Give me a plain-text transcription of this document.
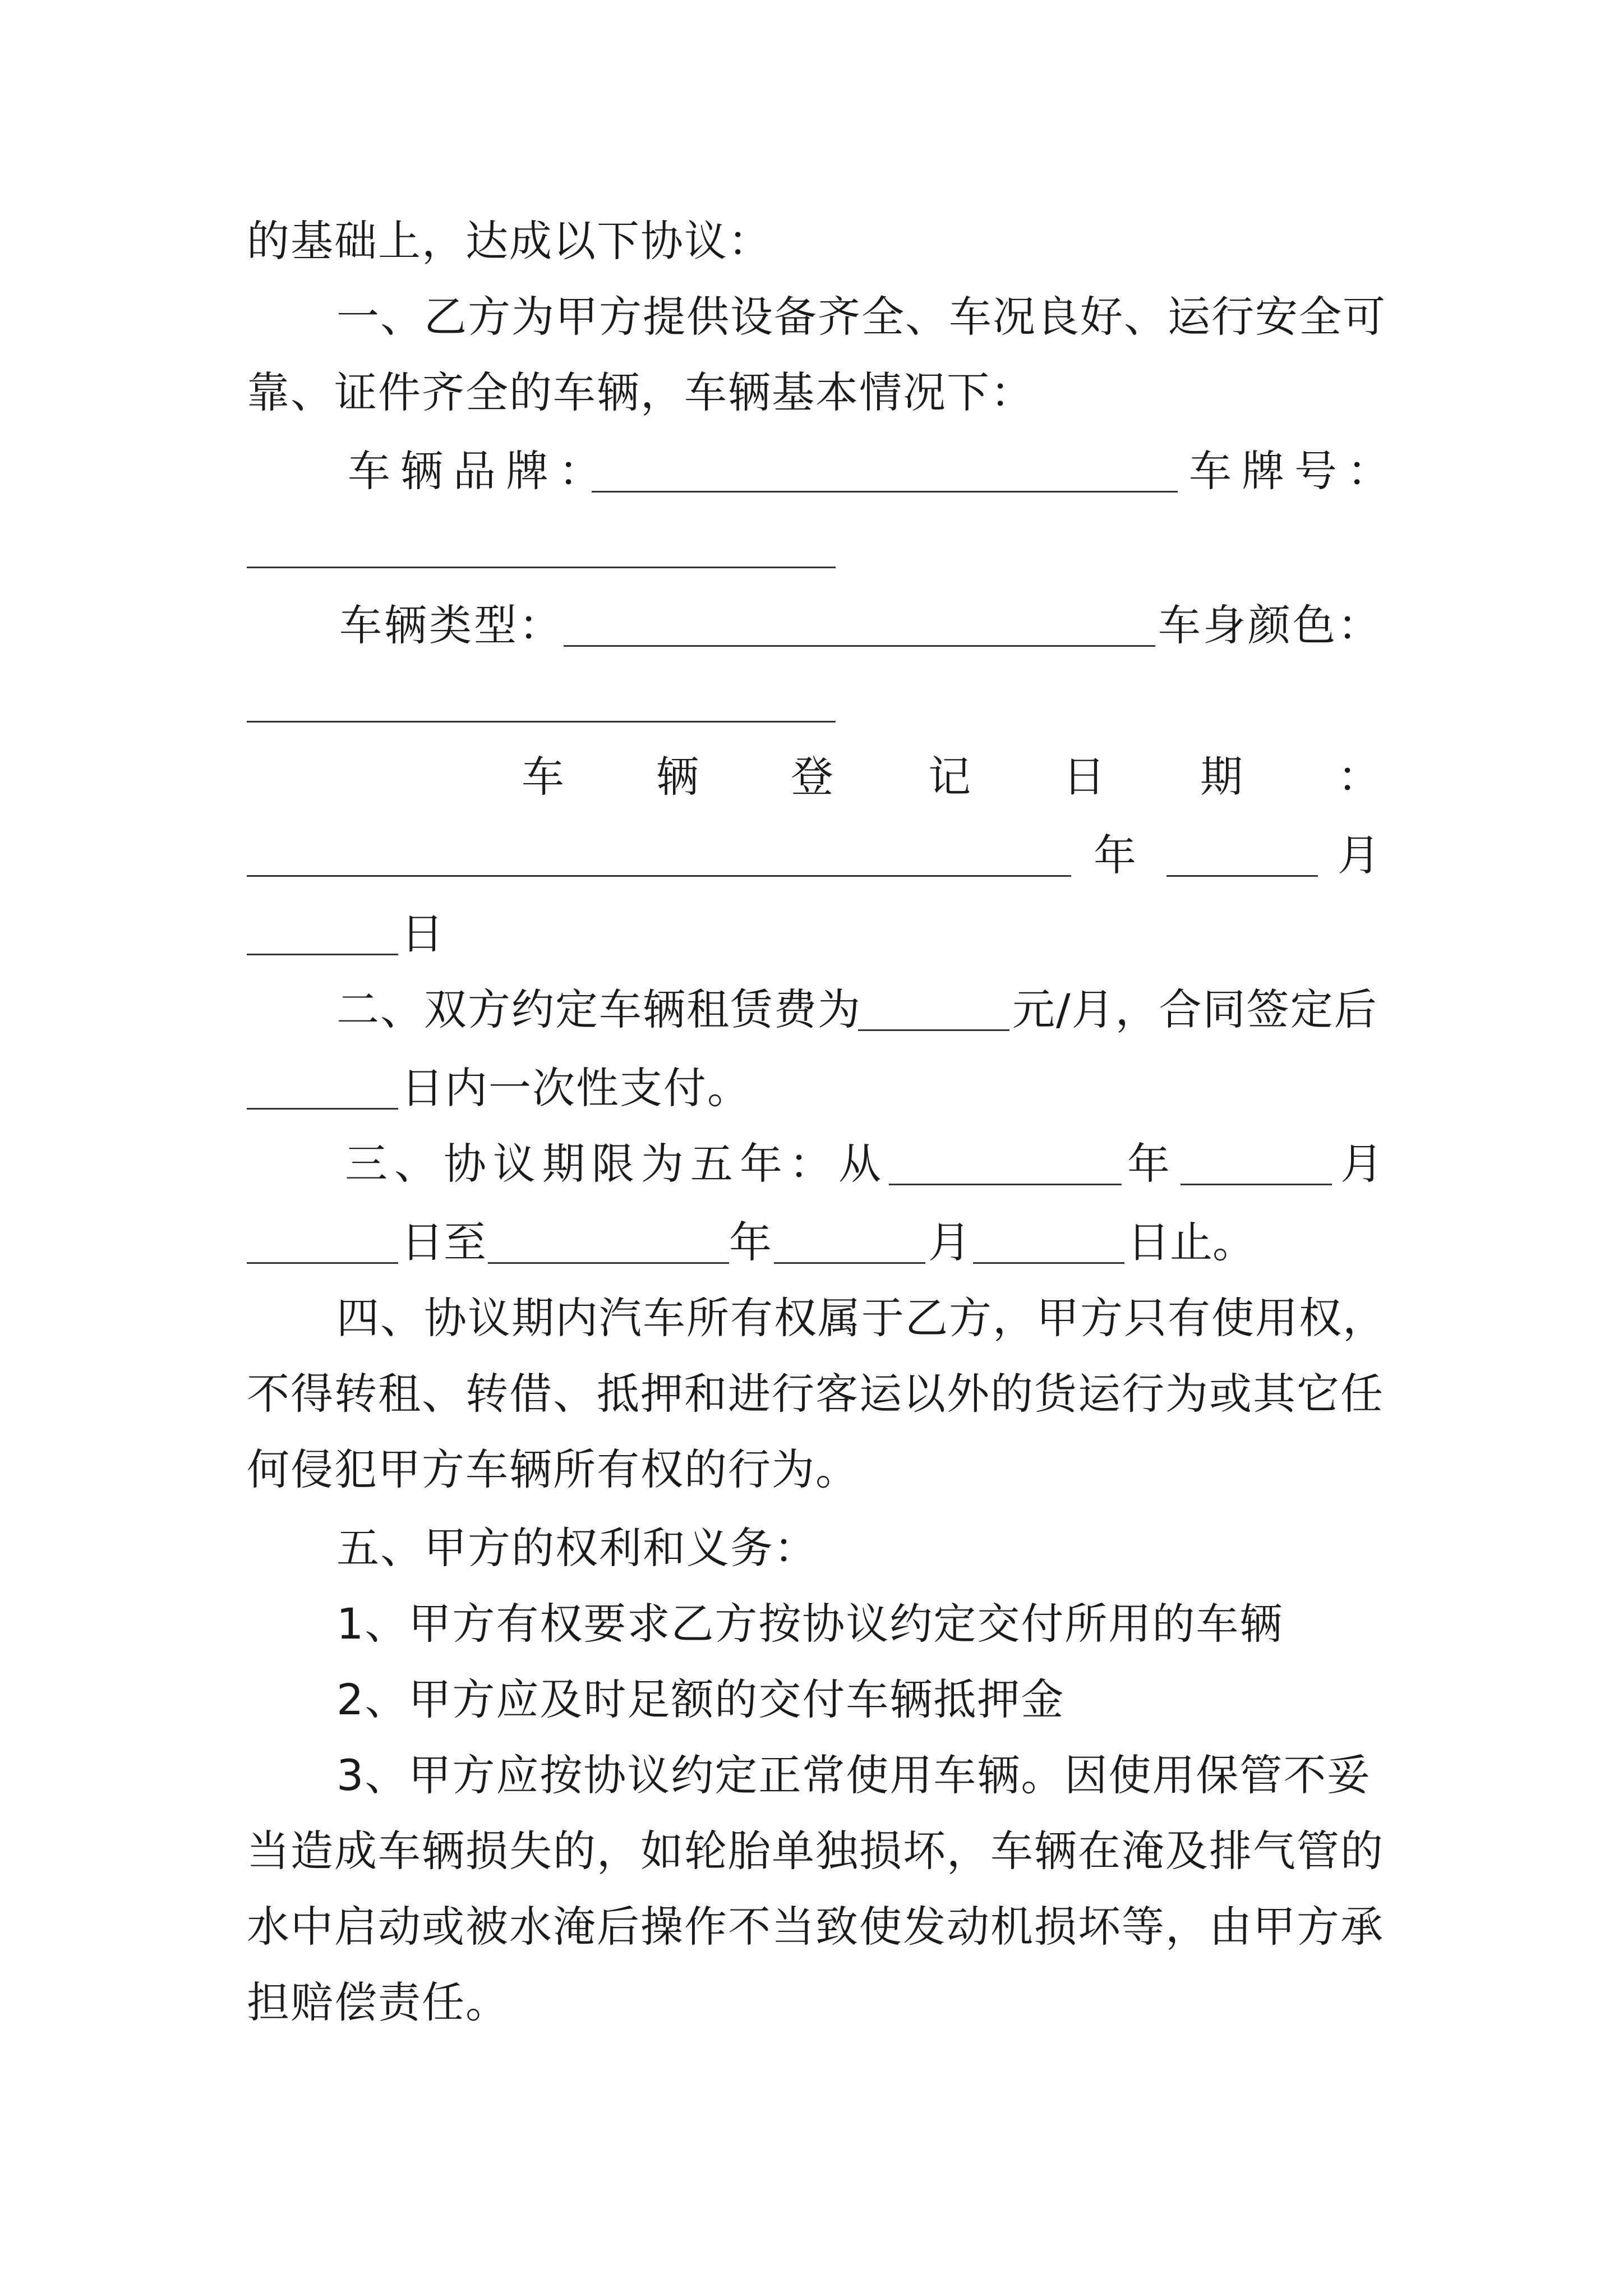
的基础上，达成以下协议：
一、乙方为甲方提供设备齐全、车况良好、运行安全可
靠、证件齐全的车辆，车辆基本情况下：
车辆品牌：	车牌号：
车辆类型：	车身颜色：
车 辆 登 记 日 期 ：
年	月
日
二、双方约定车辆租赁费为	元/月，合同签定后
日内一次性支付。
三、协议期限为五年：从	年	月
日至	年	月	日止。
四、协议期内汽车所有权属于乙方，甲方只有使用权，
不得转租、转借、抵押和进行客运以外的货运行为或其它任
何侵犯甲方车辆所有权的行为。
五、甲方的权利和义务：
1、甲方有权要求乙方按协议约定交付所用的车辆
2、甲方应及时足额的交付车辆抵押金
3、甲方应按协议约定正常使用车辆。因使用保管不妥
当造成车辆损失的，如轮胎单独损坏，车辆在淹及排气管的
水中启动或被水淹后操作不当致使发动机损坏等，由甲方承
担赔偿责任。
